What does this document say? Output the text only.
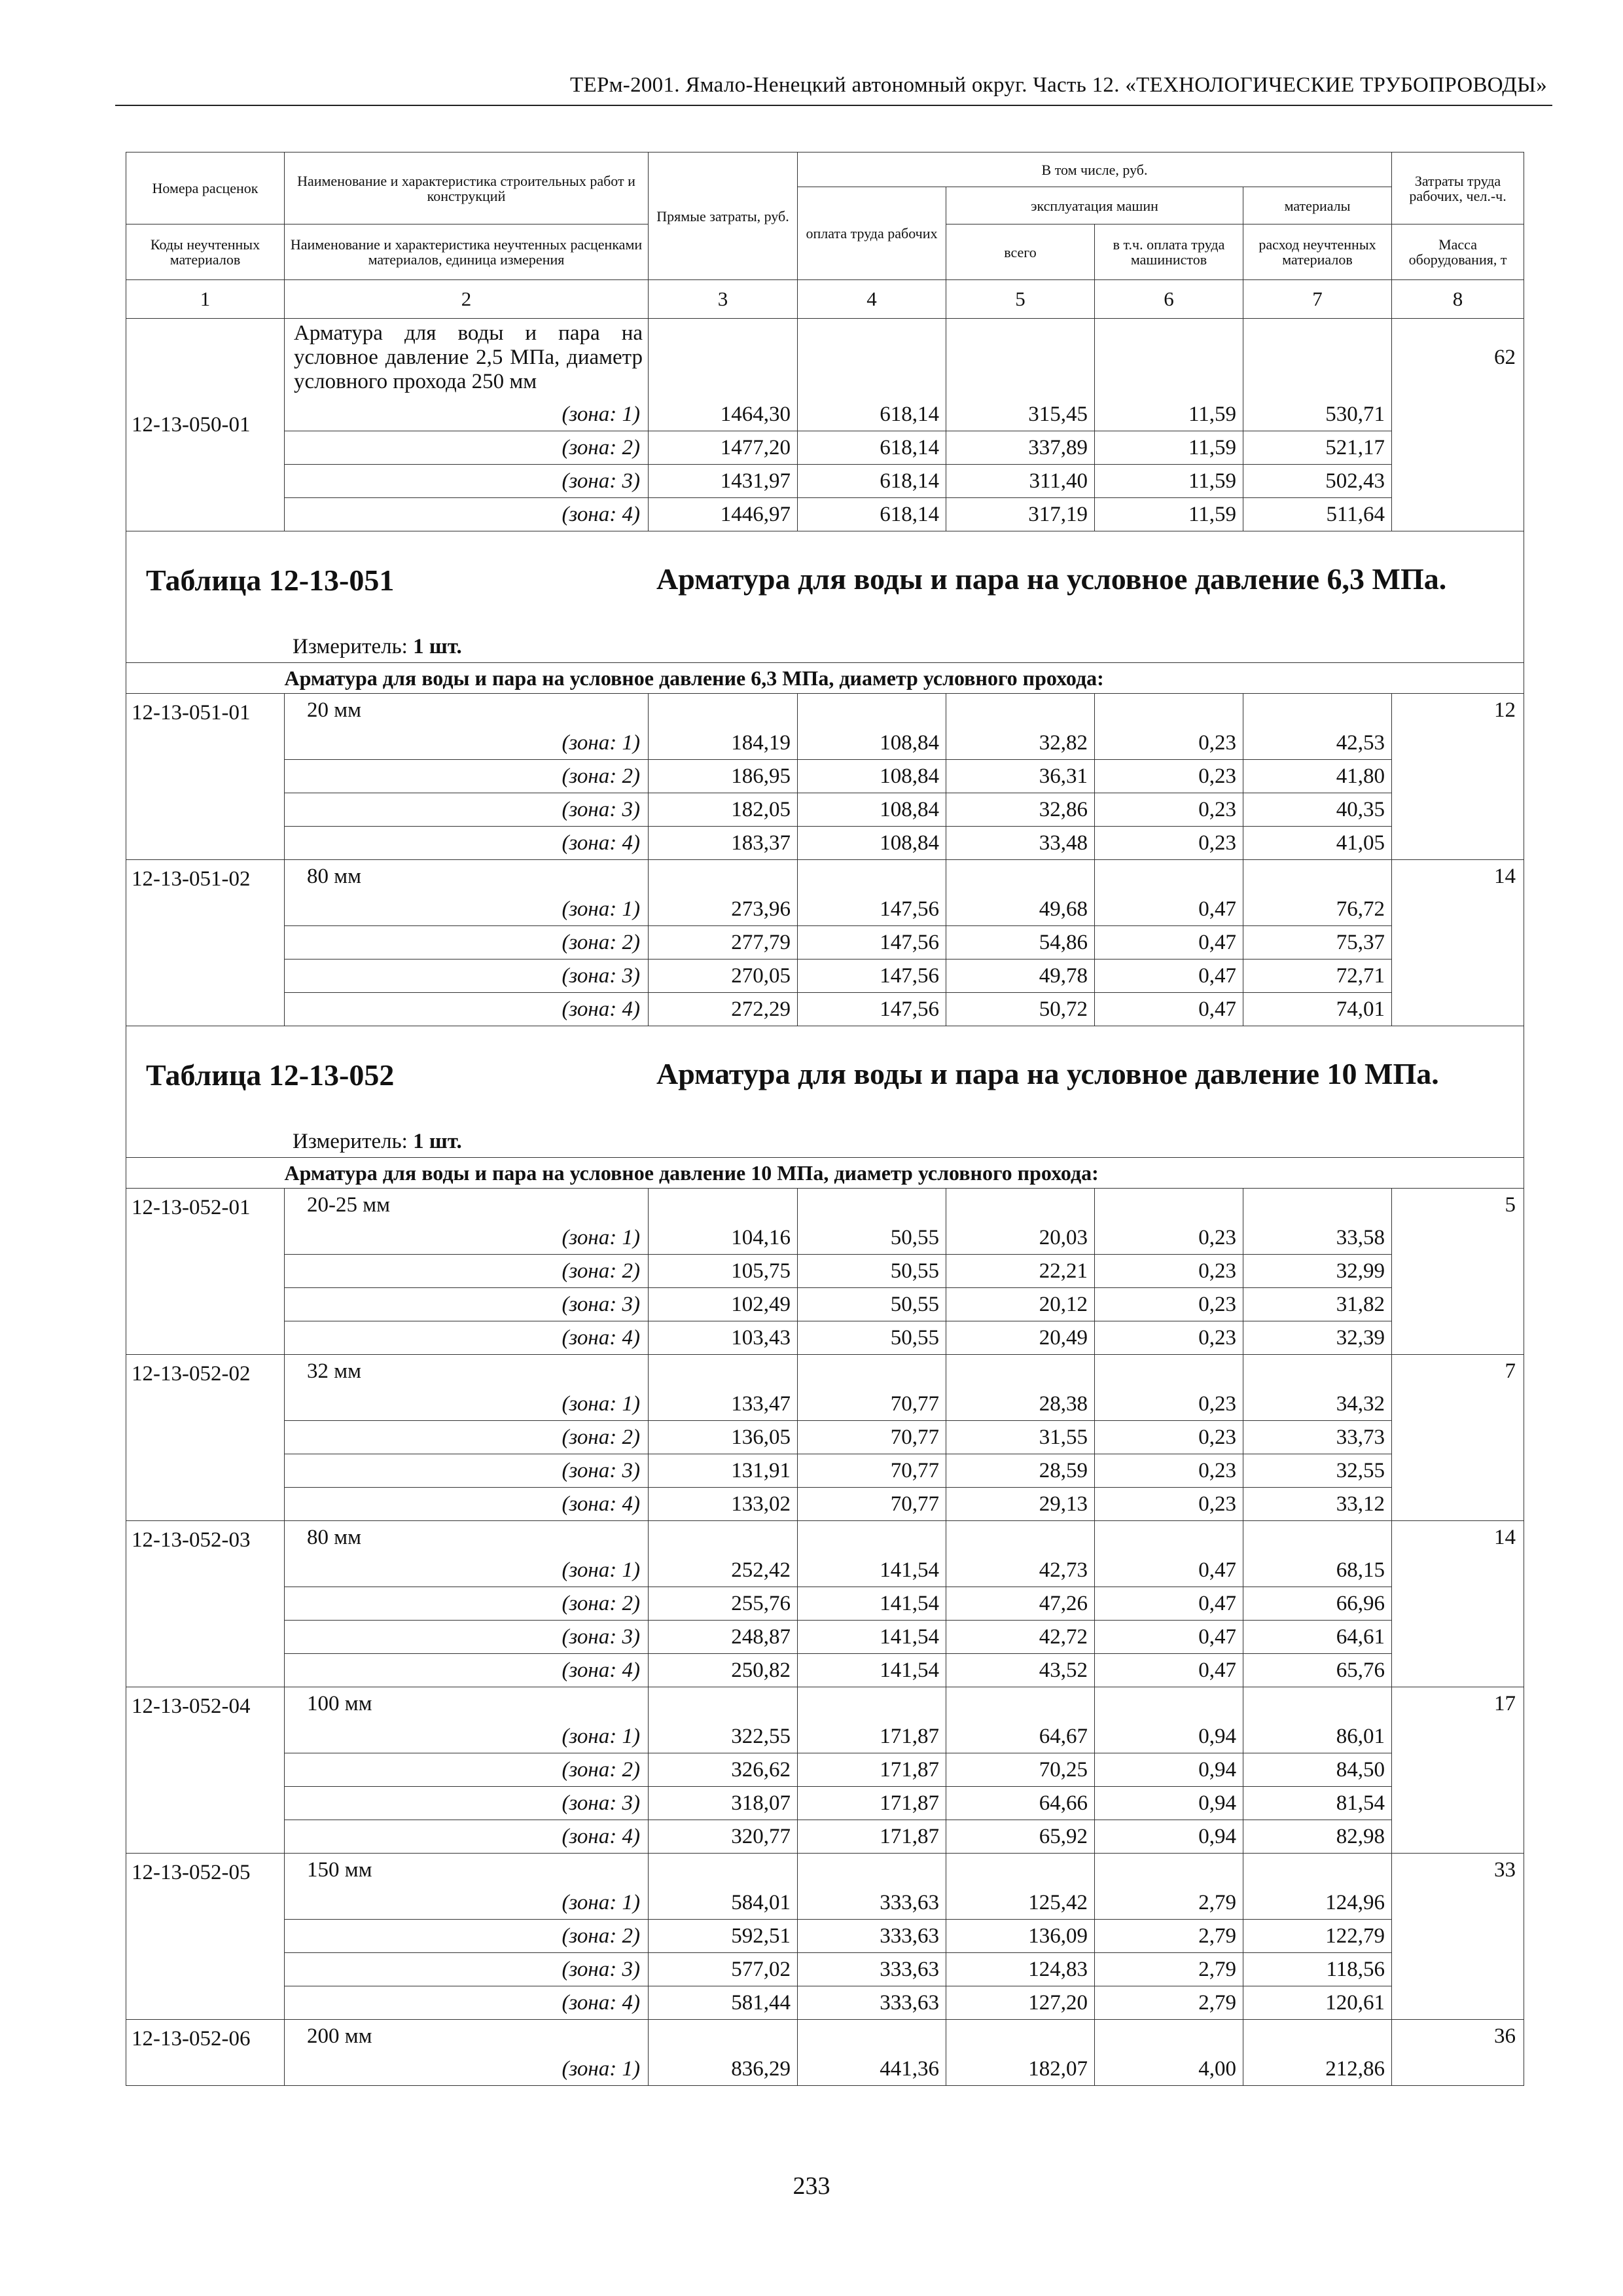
ТЕРм-2001. Ямало-Ненецкий автономный округ. Часть 12. «ТЕХНОЛОГИЧЕСКИЕ ТРУБОПРОВОДЫ»
Номера расценок	Наименование и характеристика строительных работ и конструкций	Прямые затраты, руб.	В том числе, руб.				Затраты труда рабочих, чел.-ч.
			оплата труда рабочих	эксплуатация машин		материалы	
Коды неучтенных материалов	Наименование и характеристика неучтенных расценками материалов, единица измерения			всего	в т.ч. оплата труда машинистов	расход неучтенных материалов	Масса оборудования, т
1	2	3	4	5	6	7	8
12-13-050-01	Арматура для воды и пара на условное давление 2,5 МПа, диаметр условного прохода 250 мм						62
	(зона: 1)	1464,30	618,14	315,45	11,59	530,71	
	(зона: 2)	1477,20	618,14	337,89	11,59	521,17	
	(зона: 3)	1431,97	618,14	311,40	11,59	502,43	
	(зона: 4)	1446,97	618,14	317,19	11,59	511,64	

Таблица 12-13-051 Арматура для воды и пара на условное давление 6,3 МПа.
Измеритель: 1 шт.							

	Арматура для воды и пара на условное давление 6,3 МПа, диаметр условного прохода:						
12-13-051-01	20 мм						12
	(зона: 1)	184,19	108,84	32,82	0,23	42,53	
	(зона: 2)	186,95	108,84	36,31	0,23	41,80	
	(зона: 3)	182,05	108,84	32,86	0,23	40,35	
	(зона: 4)	183,37	108,84	33,48	0,23	41,05	
12-13-051-02	80 мм						14
	(зона: 1)	273,96	147,56	49,68	0,47	76,72	
	(зона: 2)	277,79	147,56	54,86	0,47	75,37	
	(зона: 3)	270,05	147,56	49,78	0,47	72,71	
	(зона: 4)	272,29	147,56	50,72	0,47	74,01	

Таблица 12-13-052 Арматура для воды и пара на условное давление 10 МПа.
Измеритель: 1 шт.							

	Арматура для воды и пара на условное давление 10 МПа, диаметр условного прохода:						
12-13-052-01	20-25 мм						5
	(зона: 1)	104,16	50,55	20,03	0,23	33,58	
	(зона: 2)	105,75	50,55	22,21	0,23	32,99	
	(зона: 3)	102,49	50,55	20,12	0,23	31,82	
	(зона: 4)	103,43	50,55	20,49	0,23	32,39	
12-13-052-02	32 мм						7
	(зона: 1)	133,47	70,77	28,38	0,23	34,32	
	(зона: 2)	136,05	70,77	31,55	0,23	33,73	
	(зона: 3)	131,91	70,77	28,59	0,23	32,55	
	(зона: 4)	133,02	70,77	29,13	0,23	33,12	
12-13-052-03	80 мм						14
	(зона: 1)	252,42	141,54	42,73	0,47	68,15	
	(зона: 2)	255,76	141,54	47,26	0,47	66,96	
	(зона: 3)	248,87	141,54	42,72	0,47	64,61	
	(зона: 4)	250,82	141,54	43,52	0,47	65,76	
12-13-052-04	100 мм						17
	(зона: 1)	322,55	171,87	64,67	0,94	86,01	
	(зона: 2)	326,62	171,87	70,25	0,94	84,50	
	(зона: 3)	318,07	171,87	64,66	0,94	81,54	
	(зона: 4)	320,77	171,87	65,92	0,94	82,98	
12-13-052-05	150 мм						33
	(зона: 1)	584,01	333,63	125,42	2,79	124,96	
	(зона: 2)	592,51	333,63	136,09	2,79	122,79	
	(зона: 3)	577,02	333,63	124,83	2,79	118,56	
	(зона: 4)	581,44	333,63	127,20	2,79	120,61	
12-13-052-06	200 мм						36
	(зона: 1)	836,29	441,36	182,07	4,00	212,86	
233
